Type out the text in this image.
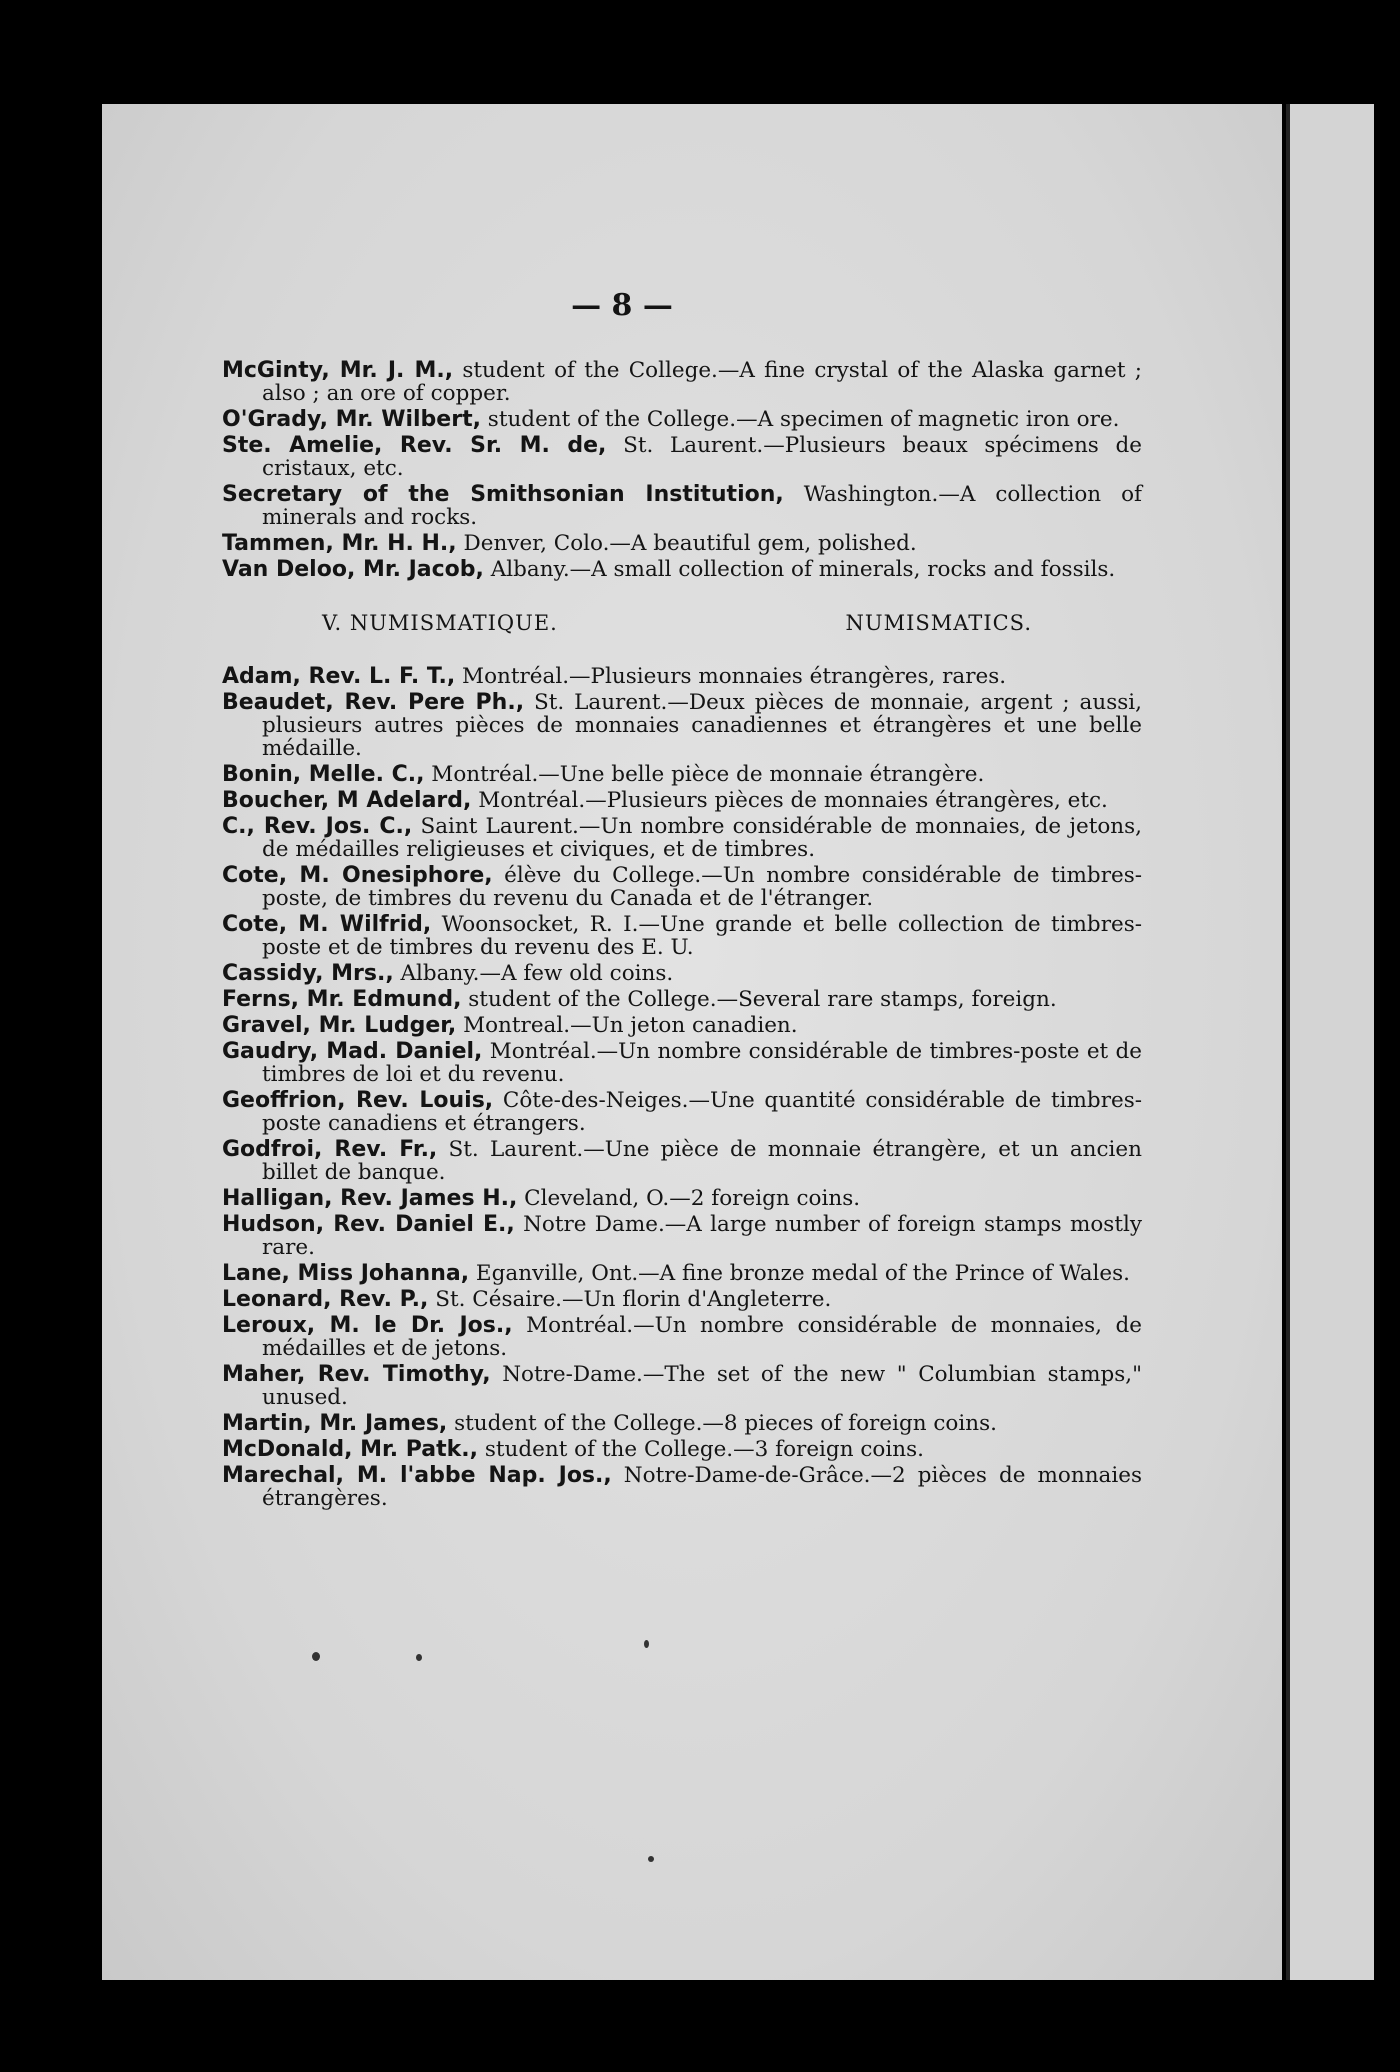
— 8 —
McGinty, Mr. J. M., student of the College.—A fine crystal of the Alaska garnet ; also ; an ore of copper.
O'Grady, Mr. Wilbert, student of the College.—A specimen of magnetic iron ore.
Ste. Amelie, Rev. Sr. M. de, St. Laurent.—Plusieurs beaux spécimens de cristaux, etc.
Secretary of the Smithsonian Institution, Washington.—A collection of minerals and rocks.
Tammen, Mr. H. H., Denver, Colo.—A beautiful gem, polished.
Van Deloo, Mr. Jacob, Albany.—A small collection of minerals, rocks and fossils.
V. NUMISMATIQUE.	NUMISMATICS.
Adam, Rev. L. F. T., Montréal.—Plusieurs monnaies étrangères, rares.
Beaudet, Rev. Pere Ph., St. Laurent.—Deux pièces de monnaie, argent ; aussi, plusieurs autres pièces de monnaies canadiennes et étrangères et une belle médaille.
Bonin, Melle. C., Montréal.—Une belle pièce de monnaie étrangère.
Boucher, M Adelard, Montréal.—Plusieurs pièces de monnaies étrangères, etc.
C., Rev. Jos. C., Saint Laurent.—Un nombre considérable de monnaies, de jetons, de médailles religieuses et civiques, et de timbres.
Cote, M. Onesiphore, élève du College.—Un nombre considérable de timbres-poste, de timbres du revenu du Canada et de l'étranger.
Cote, M. Wilfrid, Woonsocket, R. I.—Une grande et belle collection de timbres-poste et de timbres du revenu des E. U.
Cassidy, Mrs., Albany.—A few old coins.
Ferns, Mr. Edmund, student of the College.—Several rare stamps, foreign.
Gravel, Mr. Ludger, Montreal.—Un jeton canadien.
Gaudry, Mad. Daniel, Montréal.—Un nombre considérable de timbres-poste et de timbres de loi et du revenu.
Geoffrion, Rev. Louis, Côte-des-Neiges.—Une quantité considérable de timbres-poste canadiens et étrangers.
Godfroi, Rev. Fr., St. Laurent.—Une pièce de monnaie étrangère, et un ancien billet de banque.
Halligan, Rev. James H., Cleveland, O.—2 foreign coins.
Hudson, Rev. Daniel E., Notre Dame.—A large number of foreign stamps mostly rare.
Lane, Miss Johanna, Eganville, Ont.—A fine bronze medal of the Prince of Wales.
Leonard, Rev. P., St. Césaire.—Un florin d'Angleterre.
Leroux, M. le Dr. Jos., Montréal.—Un nombre considérable de monnaies, de médailles et de jetons.
Maher, Rev. Timothy, Notre-Dame.—The set of the new " Columbian stamps," unused.
Martin, Mr. James, student of the College.—8 pieces of foreign coins.
McDonald, Mr. Patk., student of the College.—3 foreign coins.
Marechal, M. l'abbe Nap. Jos., Notre-Dame-de-Grâce.—2 pièces de monnaies étrangères.
